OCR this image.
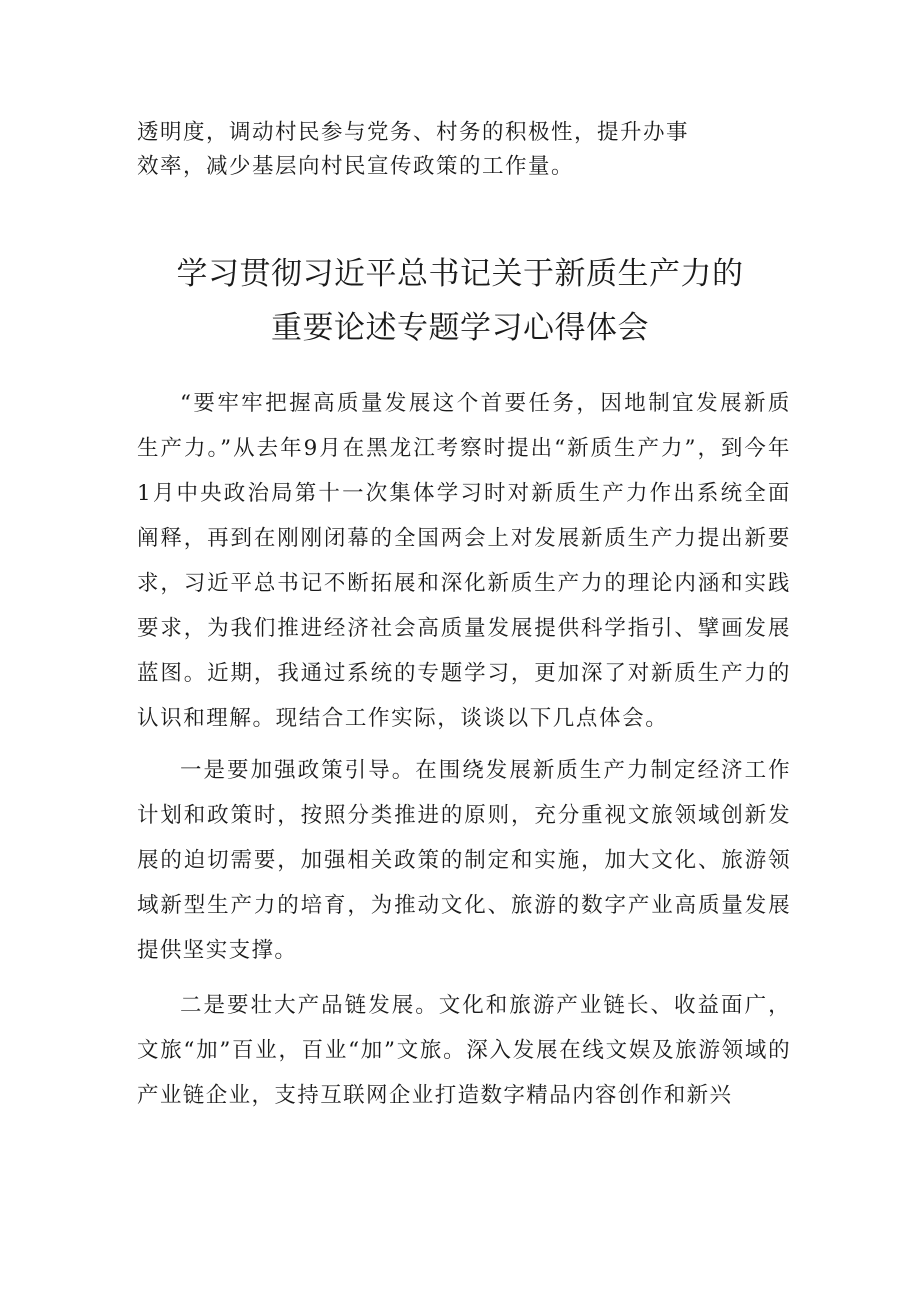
透明度，调动村民参与党务、村务的积极性，提升办事
效率，减少基层向村民宣传政策的工作量。
学习贯彻习近平总书记关于新质生产力的
重要论述专题学习心得体会

“要牢牢把握高质量发展这个首要任务，因地制宜发展新质生产力。”从去年9月在黑龙江考察时提出“新质生产力”，到今年1月中央政治局第十一次集体学习时对新质生产力作出系统全面阐释，再到在刚刚闭幕的全国两会上对发展新质生产力提出新要求，习近平总书记不断拓展和深化新质生产力的理论内涵和实践要求，为我们推进经济社会高质量发展提供科学指引、擘画发展蓝图。近期，我通过系统的专题学习，更加深了对新质生产力的认识和理解。现结合工作实际，谈谈以下几点体会。

一是要加强政策引导。在围绕发展新质生产力制定经济工作计划和政策时，按照分类推进的原则，充分重视文旅领域创新发展的迫切需要，加强相关政策的制定和实施，加大文化、旅游领域新型生产力的培育，为推动文化、旅游的数字产业高质量发展提供坚实支撑。

二是要壮大产品链发展。文化和旅游产业链长、收益面广，文旅“加”百业，百业“加”文旅。深入发展在线文娱及旅游领域的产业链企业，支持互联网企业打造数字精品内容创作和新兴
